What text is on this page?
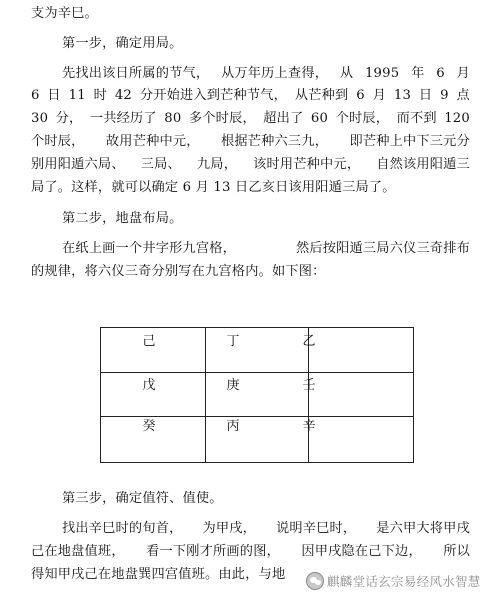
支为辛巳。
第一步，确定用局。
先找出该日所属的节气， 从万年历上查得， 从 1995 年 6 月
6 日 11 时 42 分开始进入到芒种节气， 从芒种到 6 月 13 日 9 点
30 分， 一共经历了 80 多个时辰， 超出了 60 个时辰， 而不到 120
个时辰， 故用芒种中元， 根据芒种六三九， 即芒种上中下三元分
别用阳遁六局、 三局、 九局， 该时用芒种中元， 自然该用阳遁三
局了。这样，就可以确定 6 月 13 日乙亥日该用阳遁三局了。
第二步，地盘布局。
在纸上画一个井字形九宫格，	然后按阳遁三局六仪三奇排布
的规律，将六仪三奇分别写在九宫格内。如下图：
己	丁	乙
戊	庚	壬
癸	丙	辛
第三步，确定值符、值使。
找出辛巳时的旬首， 为甲戌， 说明辛巳时， 是六甲大将甲戌
己在地盘值班， 看一下刚才所画的图， 因甲戌隐在己下边， 所以
得知甲戌己在地盘巽四宫值班。由此，与地	麒麟堂话玄宗易经风水智慧
